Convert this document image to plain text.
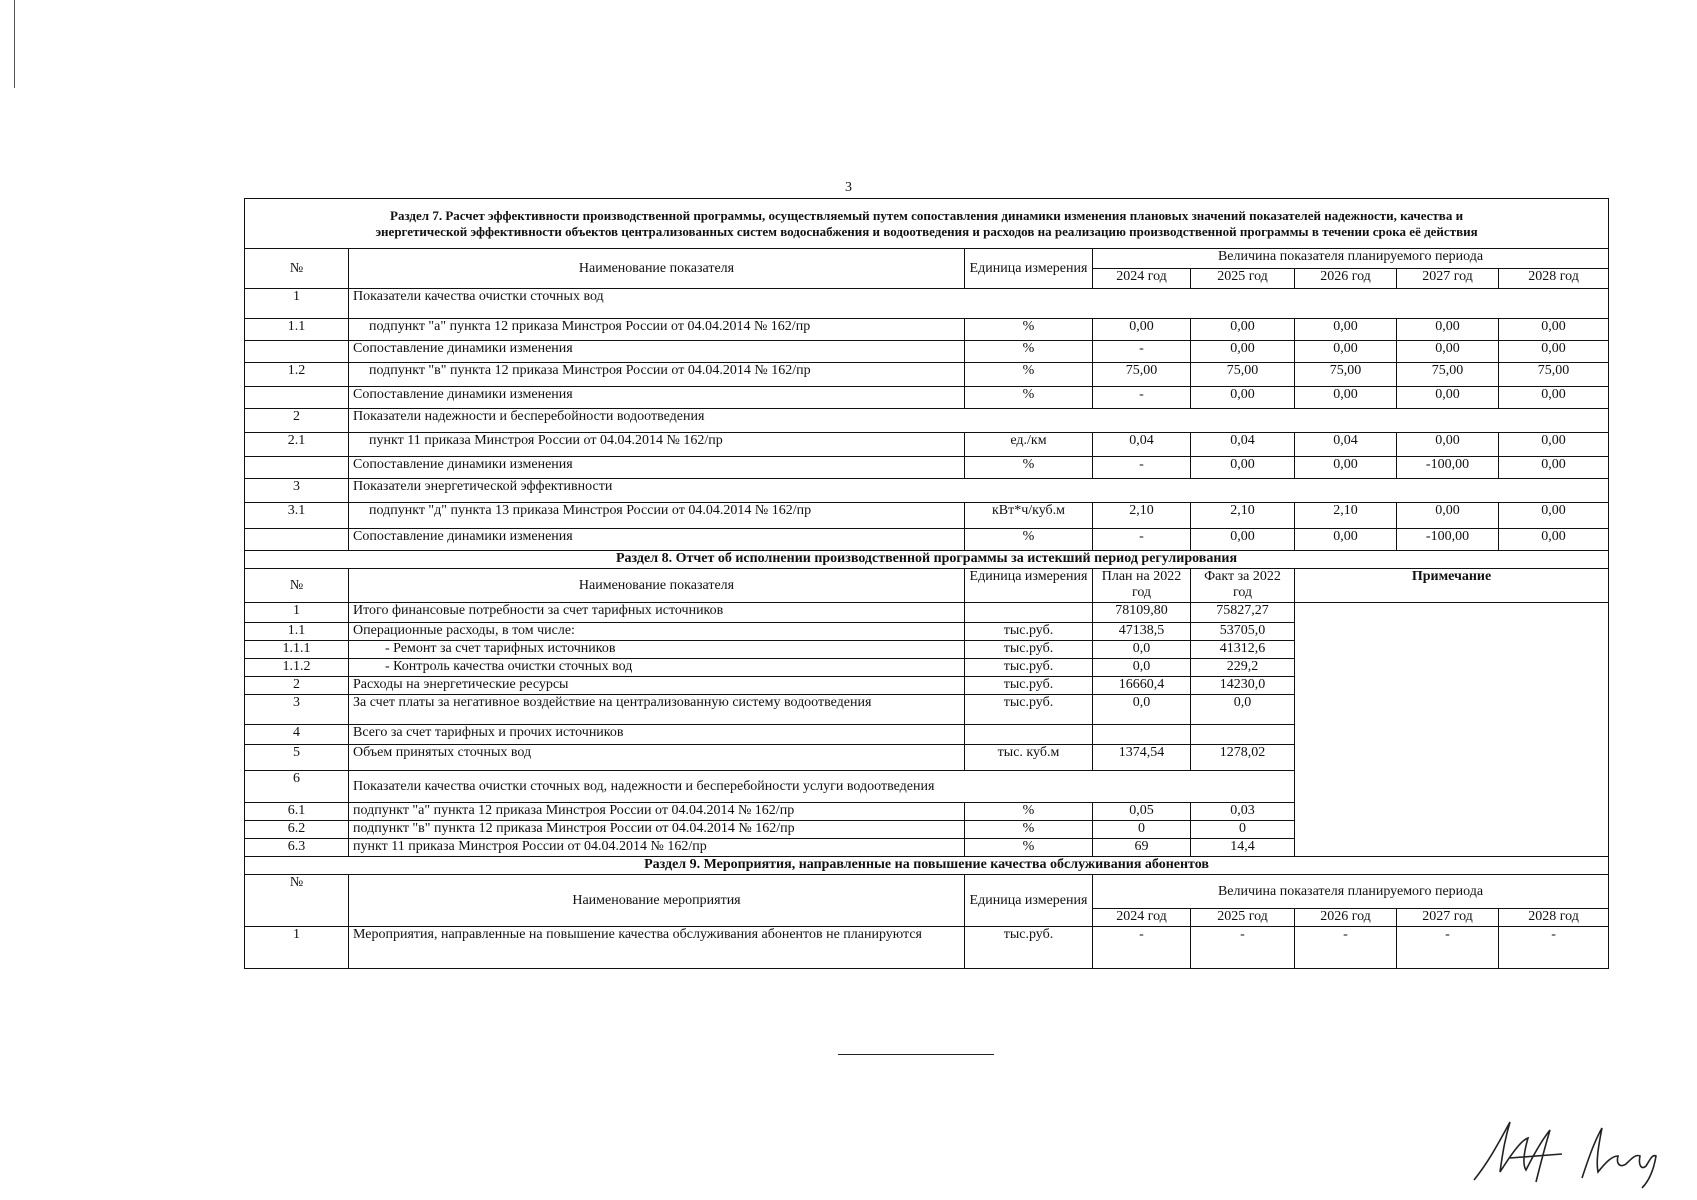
3
Раздел 7. Расчет эффективности производственной программы, осуществляемый путем сопоставления динамики изменения плановых значений показателей надежности, качества и
энергетической эффективности объектов централизованных систем водоснабжения и водоотведения и расходов на реализацию производственной программы в течении срока её действия							

№	Наименование показателя	Единица измерения	Величина показателя планируемого периода				
			2024 год	2025 год	2026 год	2027 год	2028 год
1	Показатели качества очистки сточных вод						
1.1	подпункт "а" пункта 12 приказа Минстроя России от 04.04.2014 № 162/пр	%	0,00	0,00	0,00	0,00	0,00
	Сопоставление динамики изменения	%	-	0,00	0,00	0,00	0,00
1.2	подпункт "в" пункта 12 приказа Минстроя России от 04.04.2014 № 162/пр	%	75,00	75,00	75,00	75,00	75,00
	Сопоставление динамики изменения	%	-	0,00	0,00	0,00	0,00
2	Показатели надежности и бесперебойности водоотведения						
2.1	пункт 11 приказа Минстроя России от 04.04.2014 № 162/пр	ед./км	0,04	0,04	0,04	0,00	0,00
	Сопоставление динамики изменения	%	-	0,00	0,00	-100,00	0,00
3	Показатели энергетической эффективности						
3.1	подпункт "д" пункта 13 приказа Минстроя России от 04.04.2014 № 162/пр	кВт*ч/куб.м	2,10	2,10	2,10	0,00	0,00
	Сопоставление динамики изменения	%	-	0,00	0,00	-100,00	0,00
Раздел 8. Отчет об исполнении производственной программы за истекший период регулирования							
№	Наименование показателя	Единица измерения	План на 2022 год	Факт за 2022 год	Примечание		
1	Итого финансовые потребности за счет тарифных источников		78109,80	75827,27			
1.1	Операционные расходы, в том числе:	тыс.руб.	47138,5	53705,0			
1.1.1	- Ремонт за счет тарифных источников	тыс.руб.	0,0	41312,6			
1.1.2	- Контроль качества очистки сточных вод	тыс.руб.	0,0	229,2			
2	Расходы на энергетические ресурсы	тыс.руб.	16660,4	14230,0			
3	За счет платы за негативное воздействие на централизованную систему водоотведения	тыс.руб.	0,0	0,0			
4	Всего за счет тарифных и прочих источников						
5	Объем принятых сточных вод	тыс. куб.м	1374,54	1278,02			
6	Показатели качества очистки сточных вод, надежности и бесперебойности услуги водоотведения						
6.1	подпункт "а" пункта 12 приказа Минстроя России от 04.04.2014 № 162/пр	%	0,05	0,03			
6.2	подпункт "в" пункта 12 приказа Минстроя России от 04.04.2014 № 162/пр	%	0	0			
6.3	пункт 11 приказа Минстроя России от 04.04.2014 № 162/пр	%	69	14,4			
Раздел 9. Мероприятия, направленные на повышение качества обслуживания абонентов							
№	Наименование мероприятия	Единица измерения	Величина показателя планируемого периода				
			2024 год	2025 год	2026 год	2027 год	2028 год
1	Мероприятия, направленные на повышение качества обслуживания абонентов не планируются	тыс.руб.	-	-	-	-	-
